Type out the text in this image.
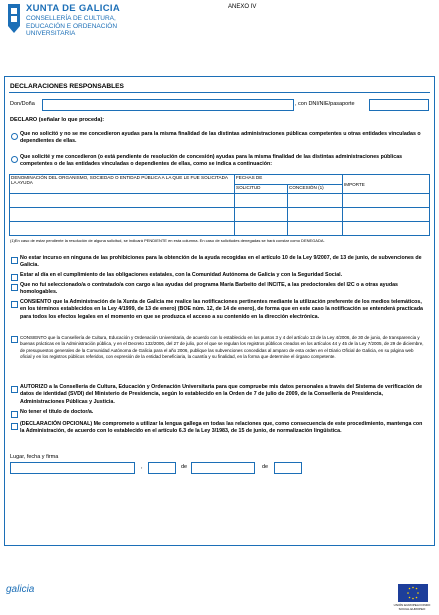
XUNTA DE GALICIA
CONSELLERÍA DE CULTURA, EDUCACIÓN E ORDENACIÓN UNIVERSITARIA
ANEXO IV
DECLARACIONES RESPONSABLES
Don/Doña	, con DNI/NIE/pasaporte
DECLARO (señalar lo que proceda):
Que no solicitó y no se me concedieron ayudas para la misma finalidad de las distintas administraciones públicas competentes u otras entidades vinculadas o dependientes de ellas.
Que solicité y me concedieron (o está pendiente de resolución de concesión) ayudas para la misma finalidad de las distintas administraciones públicas competentes o de las entidades vinculadas o dependientes de ellas, como se indica a continuación:
DENOMINACIÓN DEL ORGANISMO, SOCIEDAD O ENTIDAD PÚBLICA A LA QUE LE FUE SOLICITADA LA AYUDA	FECHAS DE		IMPORTE
	SOLICITUD	CONCESIÓN (1)	

(1)En caso de estar pendiente la resolución de alguna solicitud, se indicará PENDIENTE en esta columna. En caso de solicitudes denegadas se hará constar como DENEGADA.
No estar incurso en ninguna de las prohibiciones para la obtención de la ayuda recogidas en el artículo 10 de la Ley 9/2007, de 13 de junio, de subvenciones de Galicia.
Estar al día en el cumplimiento de las obligaciones estatales, con la Comunidad Autónoma de Galicia y con la Seguridad Social.
Que no fui seleccionado/a o contratado/a con cargo a las ayudas del programa María Barbeito del INCITE, a las predoctorales del I2C o a otras ayudas homologables.
CONSIENTO que la Administración de la Xunta de Galicia me realice las notificaciones pertinentes mediante la utilización preferente de los medios telemáticos, en los términos establecidos en la Ley 4/1999, de 13 de enero) (BOE núm. 12, de 14 de enero), de forma que en este caso la notificación se entenderá practicada para todos los efectos legales en el momento en que se produzca el acceso a su contenido en la dirección electrónica.
CONSIENTO que la Consellería de Cultura, Educación y Ordenación Universitaria, de acuerdo con lo establecido en los puntos 3 y 4 del artículo 13 de la Ley 4/2006, de 30 de junio, de transparencia y buenas prácticas en la Administración pública, y en el Decreto 132/2006, del 27 de julio, por el que se regulan los registros públicos creados en los artículos 44 y 45 de la Ley 7/2005, de 29 de diciembre, de presupuestos generales de la Comunidad Autónoma de Galicia para el año 2006, publique las subvenciones concedidas al amparo de esta orden en el Diario Oficial de Galicia, en su página web oficial y en los registros públicos referidos, con expresión de la entidad beneficiaria, la cuantía y su finalidad, en la forma que determine el órgano competente.
AUTORIZO a la Consellería de Cultura, Educación y Ordenación Universitaria para que compruebe mis datos personales a través del Sistema de verificación de datos de identidad (SVDI) del Ministerio de Presidencia, según lo establecido en la Orden de 7 de julio de 2009, de la Consellería de Presidencia, Administraciones Públicas y Justicia.
No tener el título de doctor/a.
(DECLARACIÓN OPCIONAL) Me comprometo a utilizar la lengua gallega en todas las relaciones que, como consecuencia de este procedimiento, mantenga con la Administración, de acuerdo con lo establecido en el artículo 6.3 de la Ley 3/1983, de 15 de junio, de normalización lingüística.
Lugar, fecha y firma
,	de	de
galicia
UNIÓN EUROPEA FONDO SOCIAL EUROPEO
